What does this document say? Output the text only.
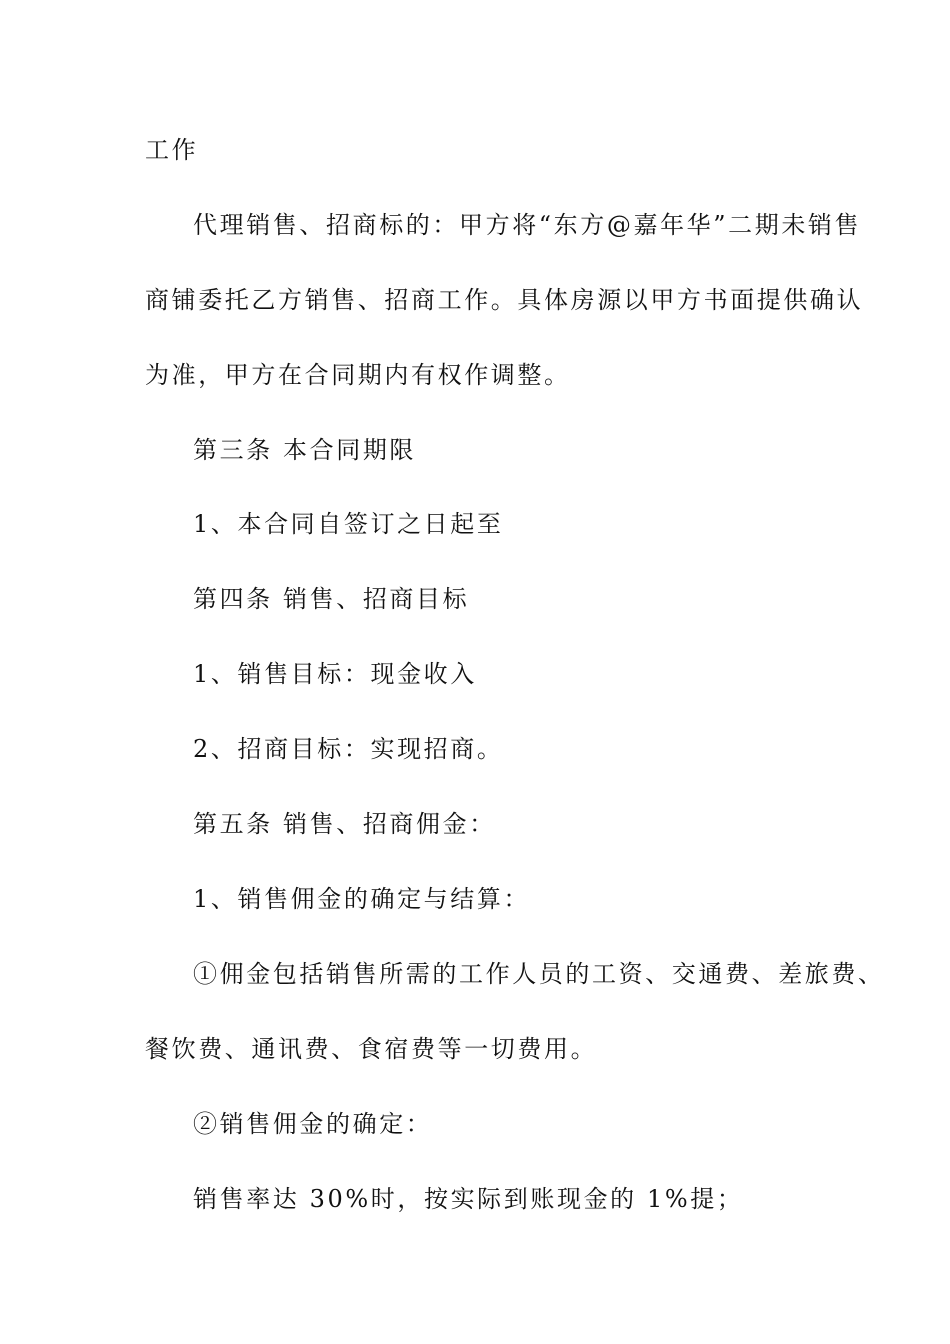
工作
代理销售、招商标的：甲方将“东方@嘉年华”二期未销售
商铺委托乙方销售、招商工作。具体房源以甲方书面提供确认
为准，甲方在合同期内有权作调整。
第三条 本合同期限
1、本合同自签订之日起至
第四条 销售、招商目标
1、销售目标：现金收入
2、招商目标：实现招商。
第五条 销售、招商佣金：
1、销售佣金的确定与结算：
①佣金包括销售所需的工作人员的工资、交通费、差旅费、
餐饮费、通讯费、食宿费等一切费用。
②销售佣金的确定：
销售率达 30%时，按实际到账现金的 1%提；
